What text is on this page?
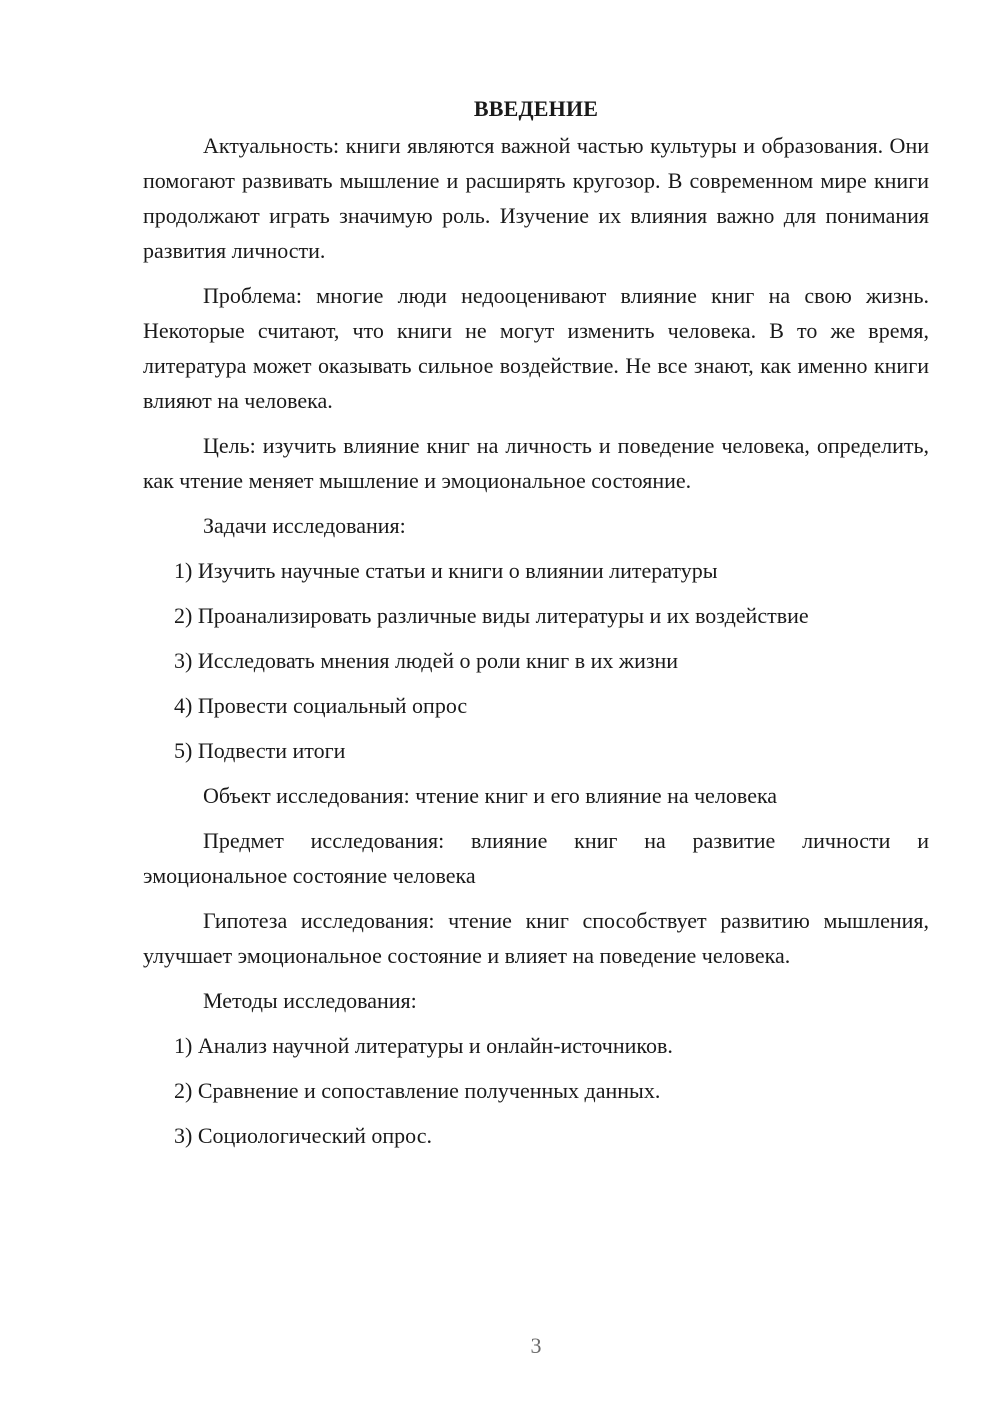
ВВЕДЕНИЕ

Актуальность: книги являются важной частью культуры и образования. Они помогают развивать мышление и расширять кругозор. В современном мире книги продолжают играть значимую роль. Изучение их влияния важно для понимания развития личности.

Проблема: многие люди недооценивают влияние книг на свою жизнь. Некоторые считают, что книги не могут изменить человека. В то же время, литература может оказывать сильное воздействие. Не все знают, как именно книги влияют на человека.

Цель: изучить влияние книг на личность и поведение человека, определить, как чтение меняет мышление и эмоциональное состояние.

Задачи исследования:

1) Изучить научные статьи и книги о влиянии литературы

2) Проанализировать различные виды литературы и их воздействие

3) Исследовать мнения людей о роли книг в их жизни

4) Провести социальный опрос

5) Подвести итоги

Объект исследования: чтение книг и его влияние на человека

Предмет исследования: влияние книг на развитие личности и эмоциональное состояние человека

Гипотеза исследования: чтение книг способствует развитию мышления, улучшает эмоциональное состояние и влияет на поведение человека.

Методы исследования:

1) Анализ научной литературы и онлайн-источников.

2) Сравнение и сопоставление полученных данных.

3) Социологический опрос.

3
